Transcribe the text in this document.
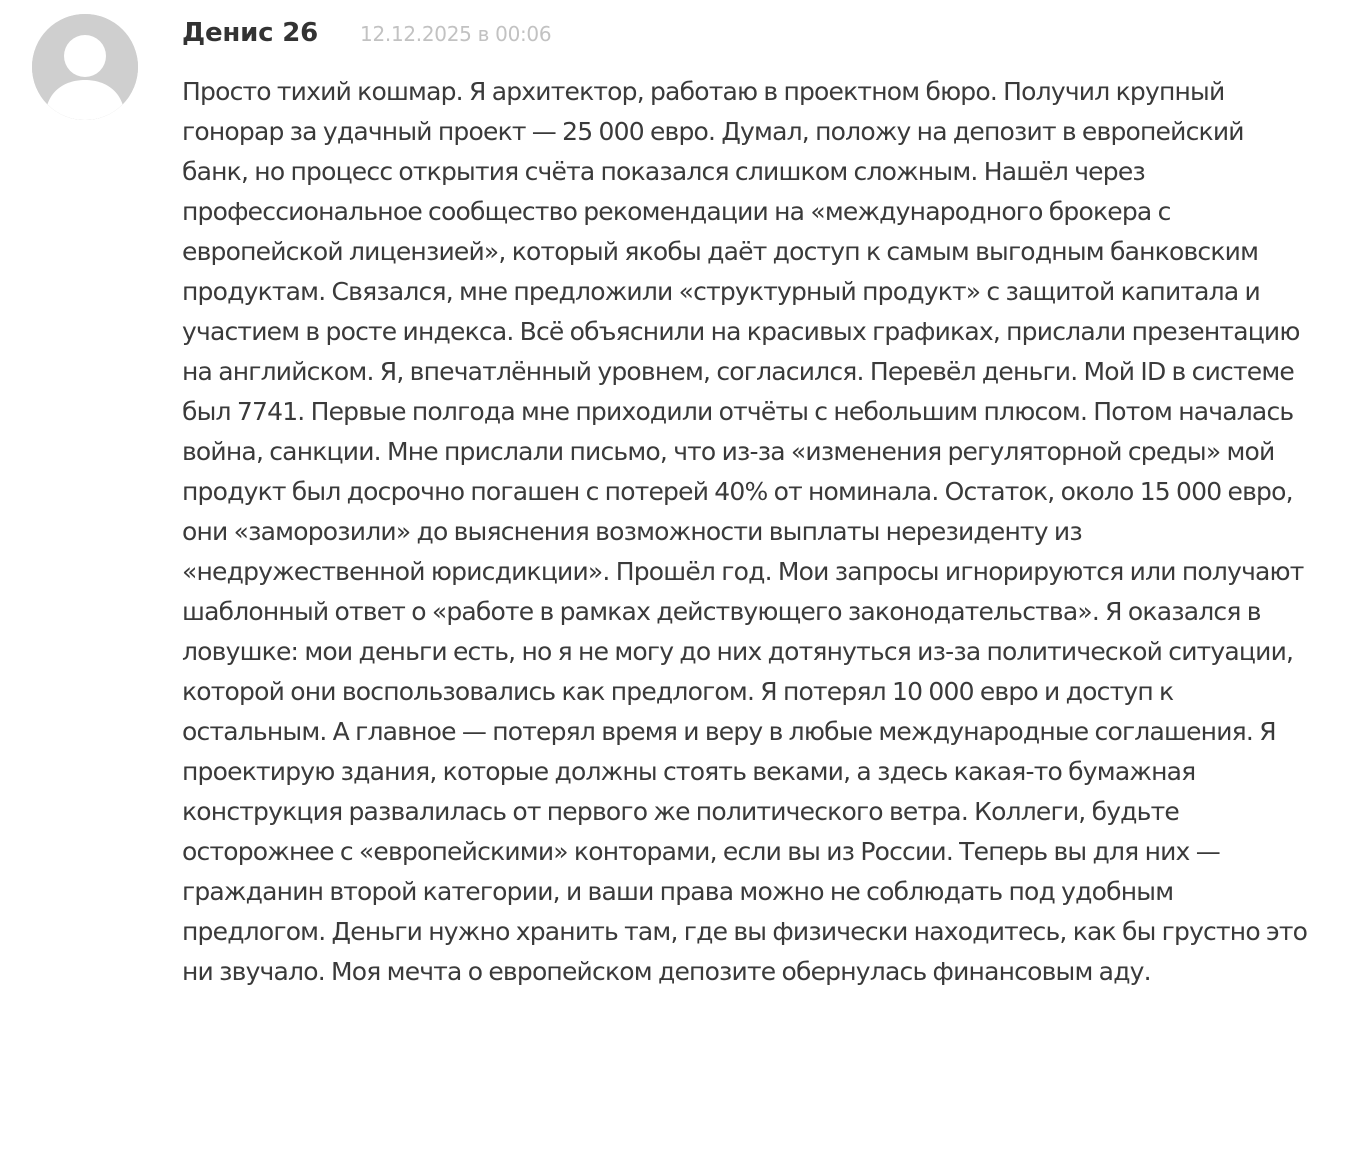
Денис 26 12.12.2025 в 00:06

Просто тихий кошмар. Я архитектор, работаю в проектном бюро. Получил крупный гонорар за удачный проект — 25 000 евро. Думал, положу на депозит в европейский банк, но процесс открытия счёта показался слишком сложным. Нашёл через профессиональное сообщество рекомендации на «международного брокера с европейской лицензией», который якобы даёт доступ к самым выгодным банковским продуктам. Связался, мне предложили «структурный продукт» с защитой капитала и участием в росте индекса. Всё объяснили на красивых графиках, прислали презентацию на английском. Я, впечатлённый уровнем, согласился. Перевёл деньги. Мой ID в системе был 7741. Первые полгода мне приходили отчёты с небольшим плюсом. Потом началась война, санкции. Мне прислали письмо, что из-за «изменения регуляторной среды» мой продукт был досрочно погашен с потерей 40% от номинала. Остаток, около 15 000 евро, они «заморозили» до выяснения возможности выплаты нерезиденту из «недружественной юрисдикции». Прошёл год. Мои запросы игнорируются или получают шаблонный ответ о «работе в рамках действующего законодательства». Я оказался в ловушке: мои деньги есть, но я не могу до них дотянуться из-за политической ситуации, которой они воспользовались как предлогом. Я потерял 10 000 евро и доступ к остальным. А главное — потерял время и веру в любые международные соглашения. Я проектирую здания, которые должны стоять веками, а здесь какая-то бумажная конструкция развалилась от первого же политического ветра. Коллеги, будьте осторожнее с «европейскими» конторами, если вы из России. Теперь вы для них — гражданин второй категории, и ваши права можно не соблюдать под удобным предлогом. Деньги нужно хранить там, где вы физически находитесь, как бы грустно это ни звучало. Моя мечта о европейском депозите обернулась финансовым аду.
